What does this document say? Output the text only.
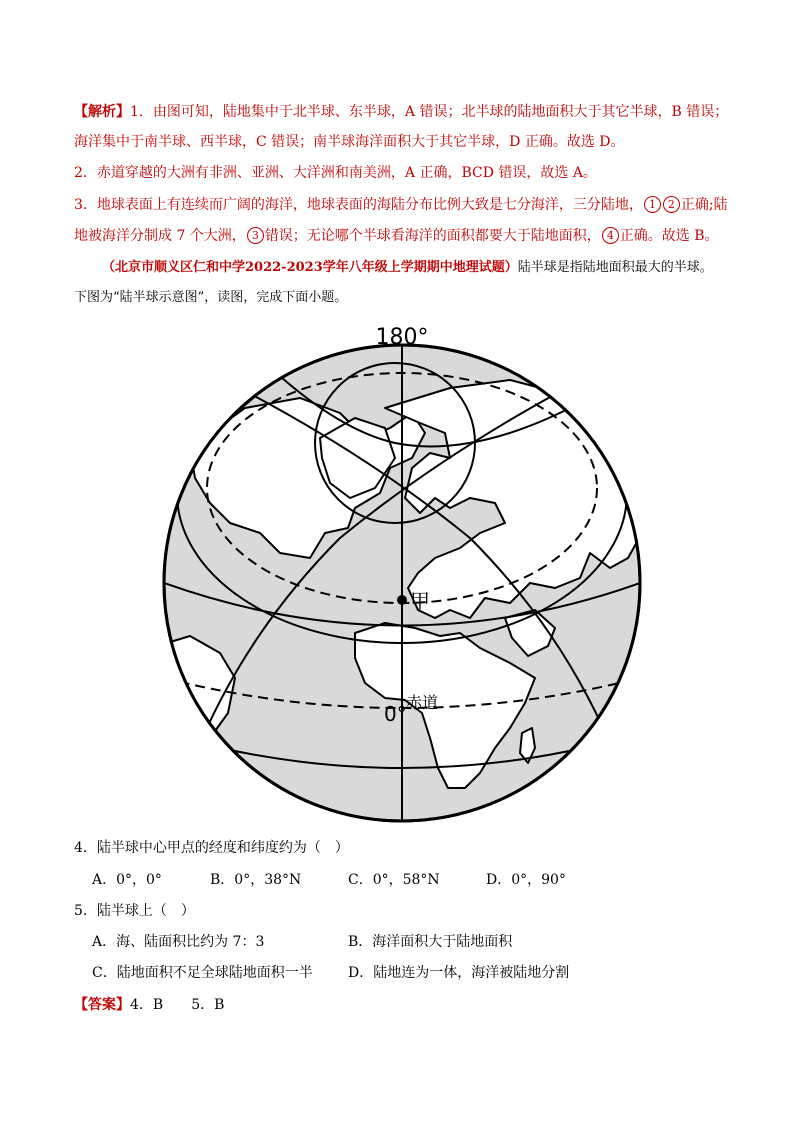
【解析】1．由图可知，陆地集中于北半球、东半球，A 错误；北半球的陆地面积大于其它半球，B 错误；
海洋集中于南半球、西半球，C 错误；南半球海洋面积大于其它半球，D 正确。故选 D。
2．赤道穿越的大洲有非洲、亚洲、大洋洲和南美洲，A 正确，BCD 错误，故选 A。
3．地球表面上有连续而广阔的海洋，地球表面的海陆分布比例大致是七分海洋，三分陆地， 1 2 正确;陆
地被海洋分制成 7 个大洲， 3 错误；无论哪个半球看海洋的面积都要大于陆地面积， 4 正确。故选 B。
（北京市顺义区仁和中学2022-2023学年八年级上学期期中地理试题）陆半球是指陆地面积最大的半球。
下图为“陆半球示意图”，读图，完成下面小题。
180°
甲
0° 赤道
4．陆半球中心甲点的经度和纬度约为（　）
A．0°，0°	B．0°，38°N	C．0°，58°N	D．0°，90°
5．陆半球上（　）
A．海、陆面积比约为 7：3	B．海洋面积大于陆地面积
C．陆地面积不足全球陆地面积一半	D．陆地连为一体，海洋被陆地分割
【答案】4．B　　5．B
